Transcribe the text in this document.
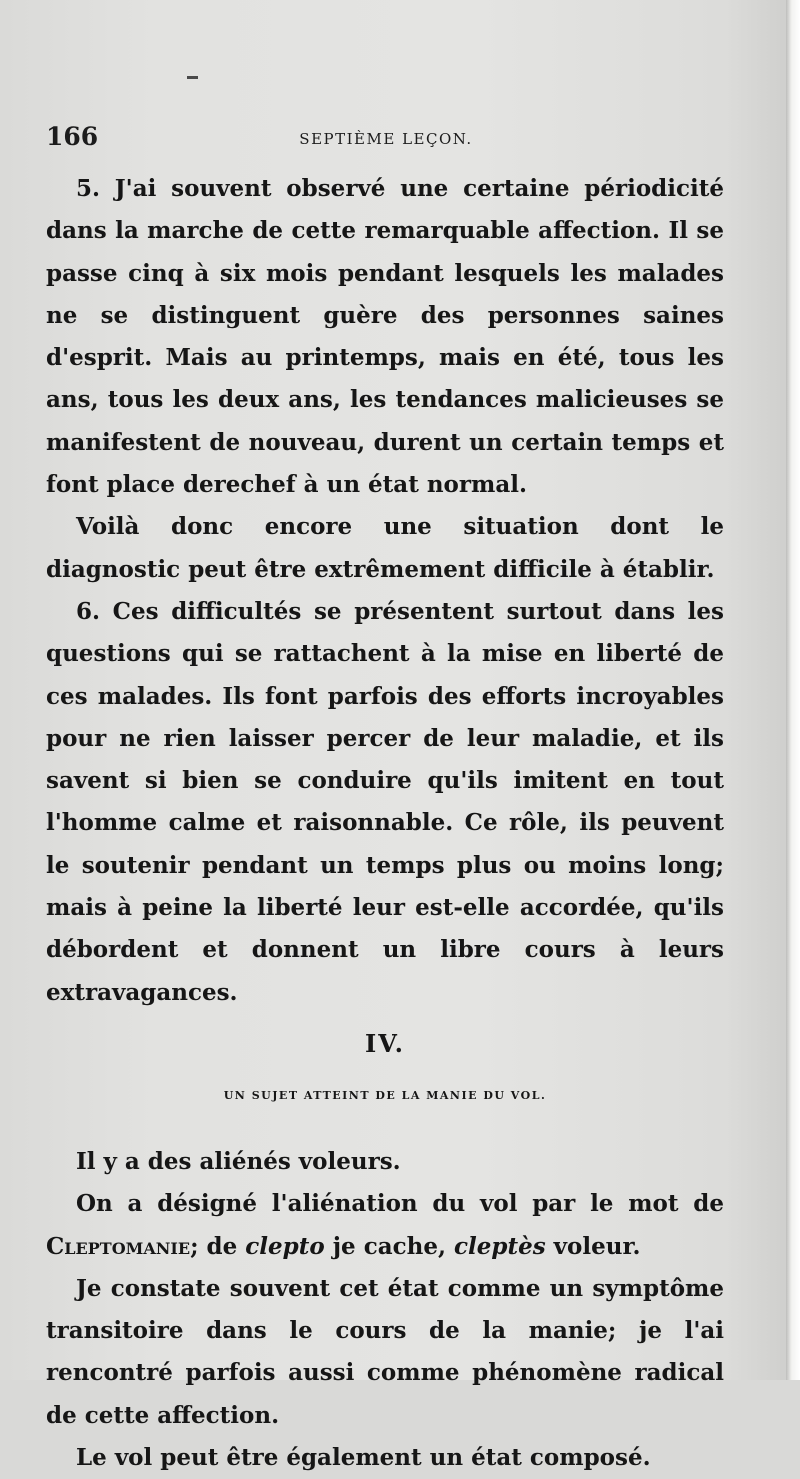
166	SEPTIÈME LEÇON.

5. J'ai souvent observé une certaine périodicité dans la marche de cette remarquable affection. Il se passe cinq à six mois pendant lesquels les malades ne se distinguent guère des personnes saines d'esprit. Mais au printemps, mais en été, tous les ans, tous les deux ans, les tendances malicieuses se manifestent de nouveau, durent un certain temps et font place derechef à un état normal.

Voilà donc encore une situation dont le diagnostic peut être extrêmement difficile à établir.

6. Ces difficultés se présentent surtout dans les questions qui se rattachent à la mise en liberté de ces malades. Ils font parfois des efforts incroyables pour ne rien laisser percer de leur maladie, et ils savent si bien se conduire qu'ils imitent en tout l'homme calme et raisonnable. Ce rôle, ils peuvent le soutenir pendant un temps plus ou moins long; mais à peine la liberté leur est-elle accordée, qu'ils débordent et donnent un libre cours à leurs extravagances.

IV.
UN SUJET ATTEINT DE LA MANIE DU VOL.

Il y a des aliénés voleurs.

On a désigné l'aliénation du vol par le mot de Cleptomanie; de clepto je cache, cleptès voleur.

Je constate souvent cet état comme un symptôme transitoire dans le cours de la manie; je l'ai rencontré parfois aussi comme phénomène radical de cette affection.

Le vol peut être également un état composé.
